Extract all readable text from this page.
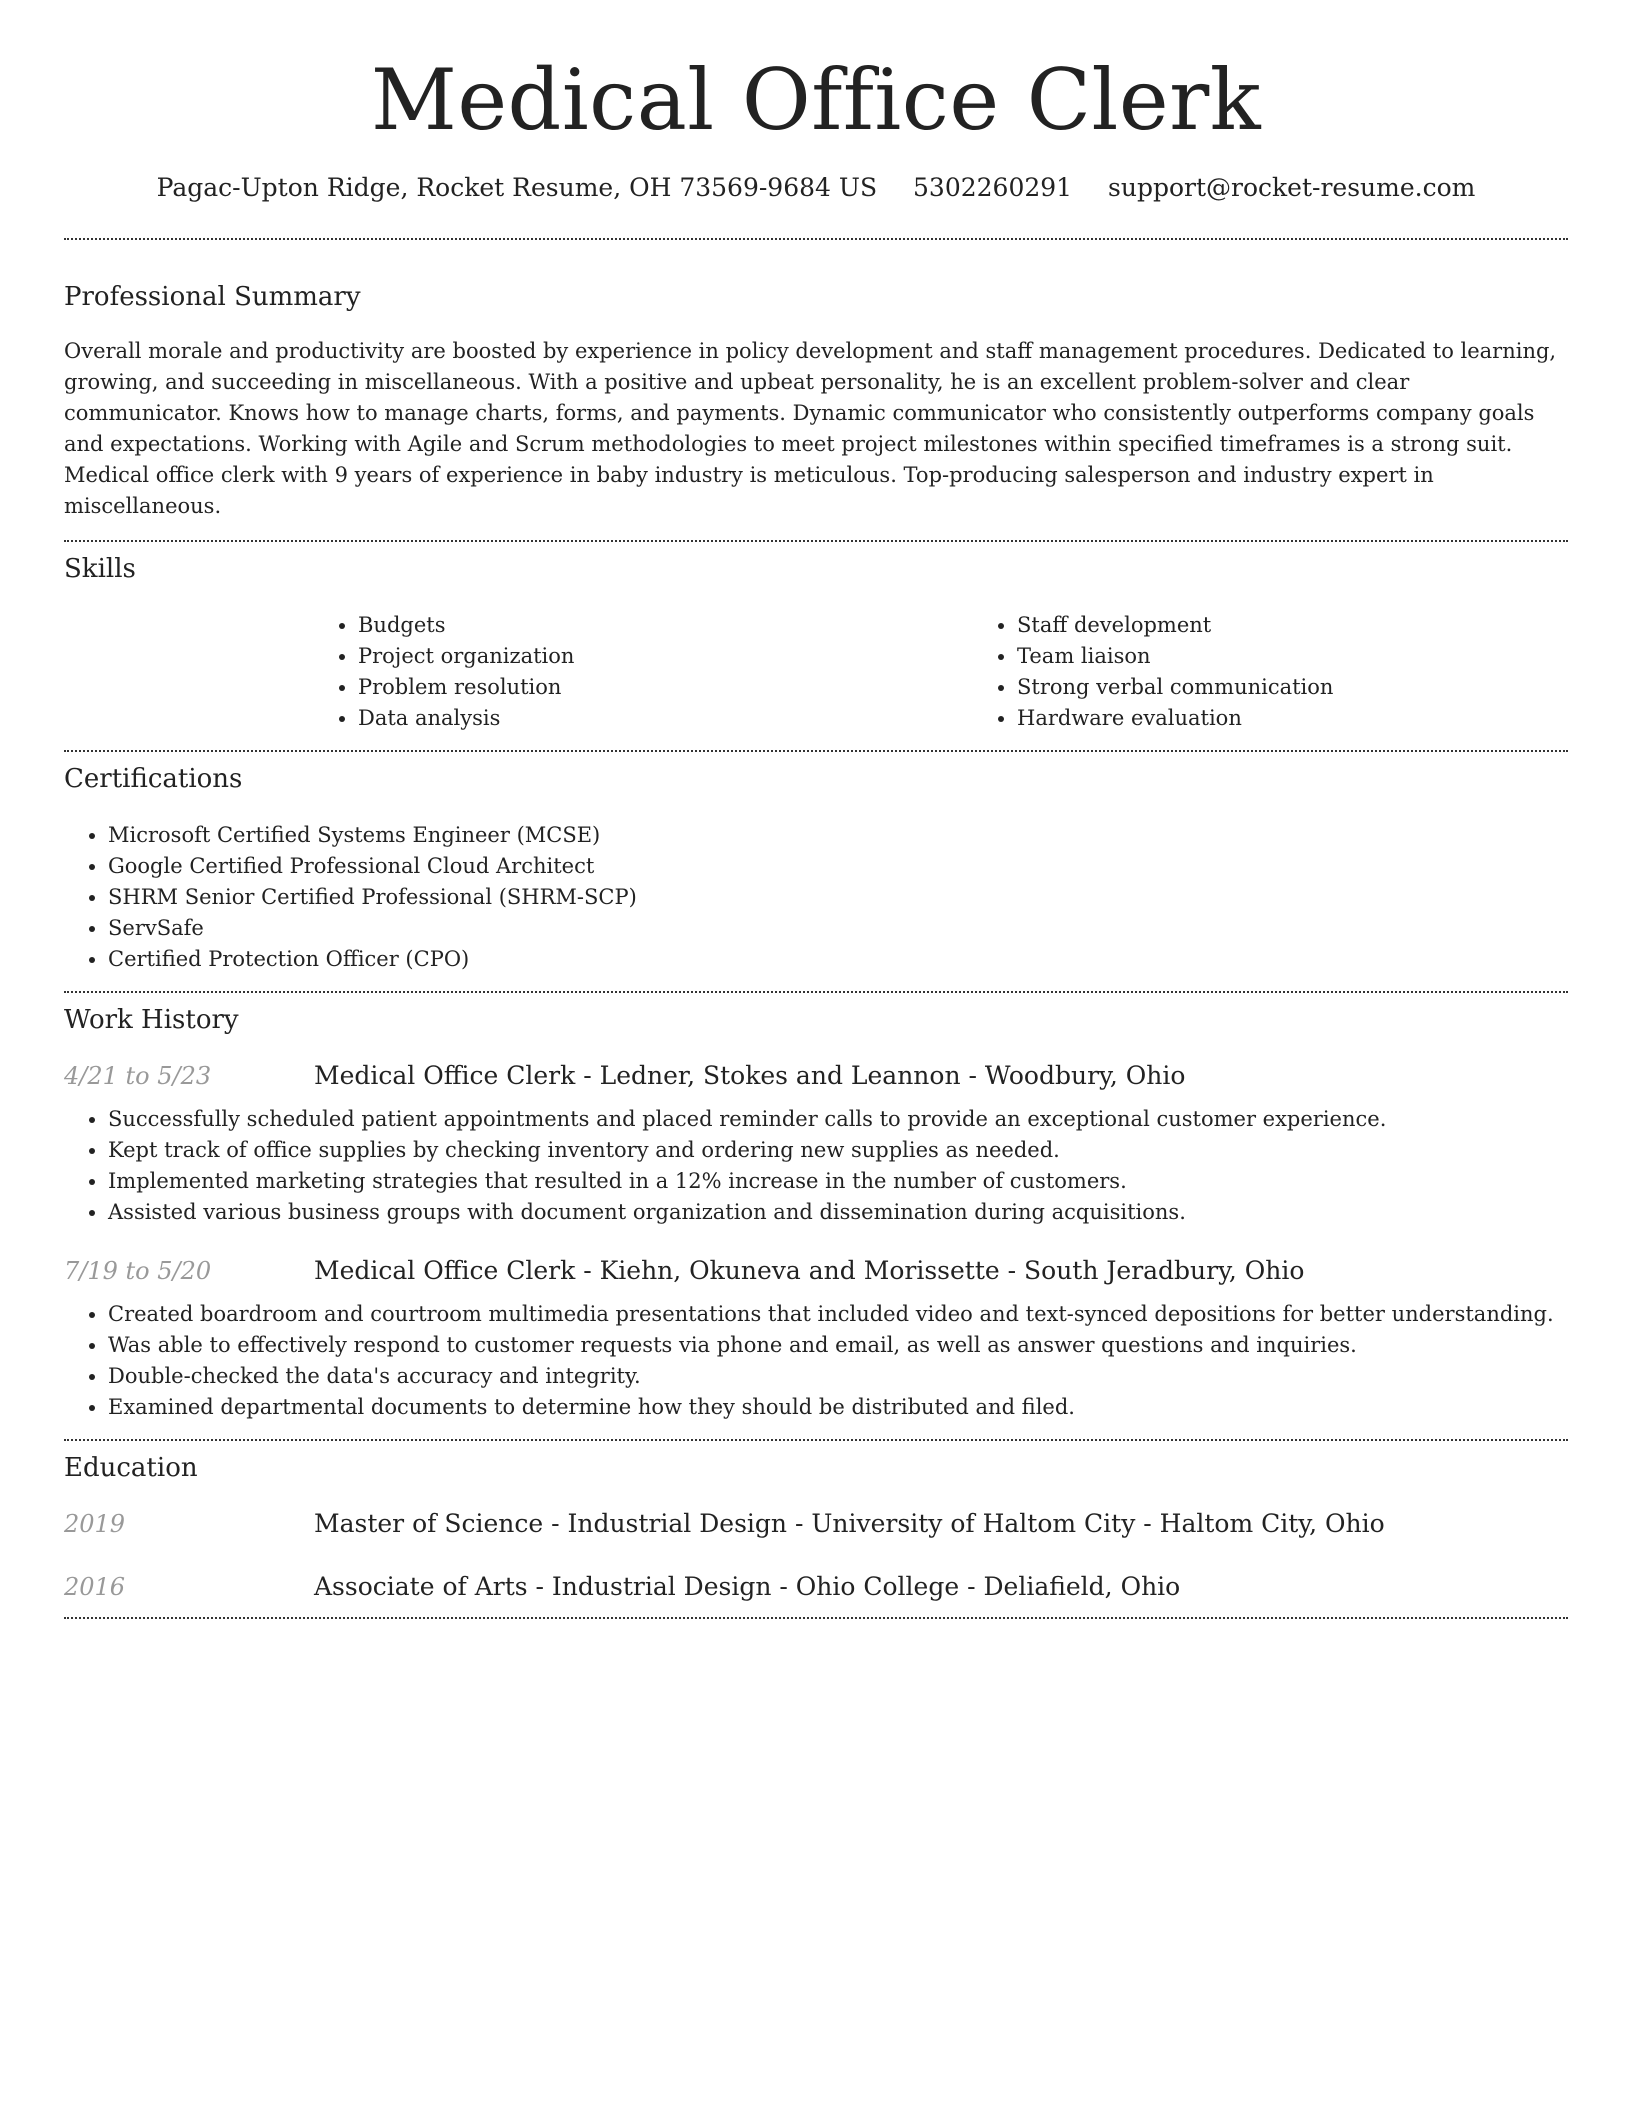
Medical Office Clerk
Pagac-Upton Ridge, Rocket Resume, OH 73569-9684 US 5302260291 support@rocket-resume.com
Professional Summary

Overall morale and productivity are boosted by experience in policy development and staff management procedures. Dedicated to learning, growing, and succeeding in miscellaneous. With a positive and upbeat personality, he is an excellent problem-solver and clear communicator. Knows how to manage charts, forms, and payments. Dynamic communicator who consistently outperforms company goals and expectations. Working with Agile and Scrum methodologies to meet project milestones within specified timeframes is a strong suit. Medical office clerk with 9 years of experience in baby industry is meticulous. Top-producing salesperson and industry expert in miscellaneous.

Skills
• Budgets
• Project organization
• Problem resolution
• Data analysis
• Staff development
• Team liaison
• Strong verbal communication
• Hardware evaluation
Certifications
• Microsoft Certified Systems Engineer (MCSE)
• Google Certified Professional Cloud Architect
• SHRM Senior Certified Professional (SHRM-SCP)
• ServSafe
• Certified Protection Officer (CPO)
Work History
4/21 to 5/23	Medical Office Clerk - Ledner, Stokes and Leannon - Woodbury, Ohio
• Successfully scheduled patient appointments and placed reminder calls to provide an exceptional customer experience.
• Kept track of office supplies by checking inventory and ordering new supplies as needed.
• Implemented marketing strategies that resulted in a 12% increase in the number of customers.
• Assisted various business groups with document organization and dissemination during acquisitions.
7/19 to 5/20	Medical Office Clerk - Kiehn, Okuneva and Morissette - South Jeradbury, Ohio
• Created boardroom and courtroom multimedia presentations that included video and text-synced depositions for better understanding.
• Was able to effectively respond to customer requests via phone and email, as well as answer questions and inquiries.
• Double-checked the data's accuracy and integrity.
• Examined departmental documents to determine how they should be distributed and filed.
Education
2019	Master of Science - Industrial Design - University of Haltom City - Haltom City, Ohio
2016	Associate of Arts - Industrial Design - Ohio College - Deliafield, Ohio
